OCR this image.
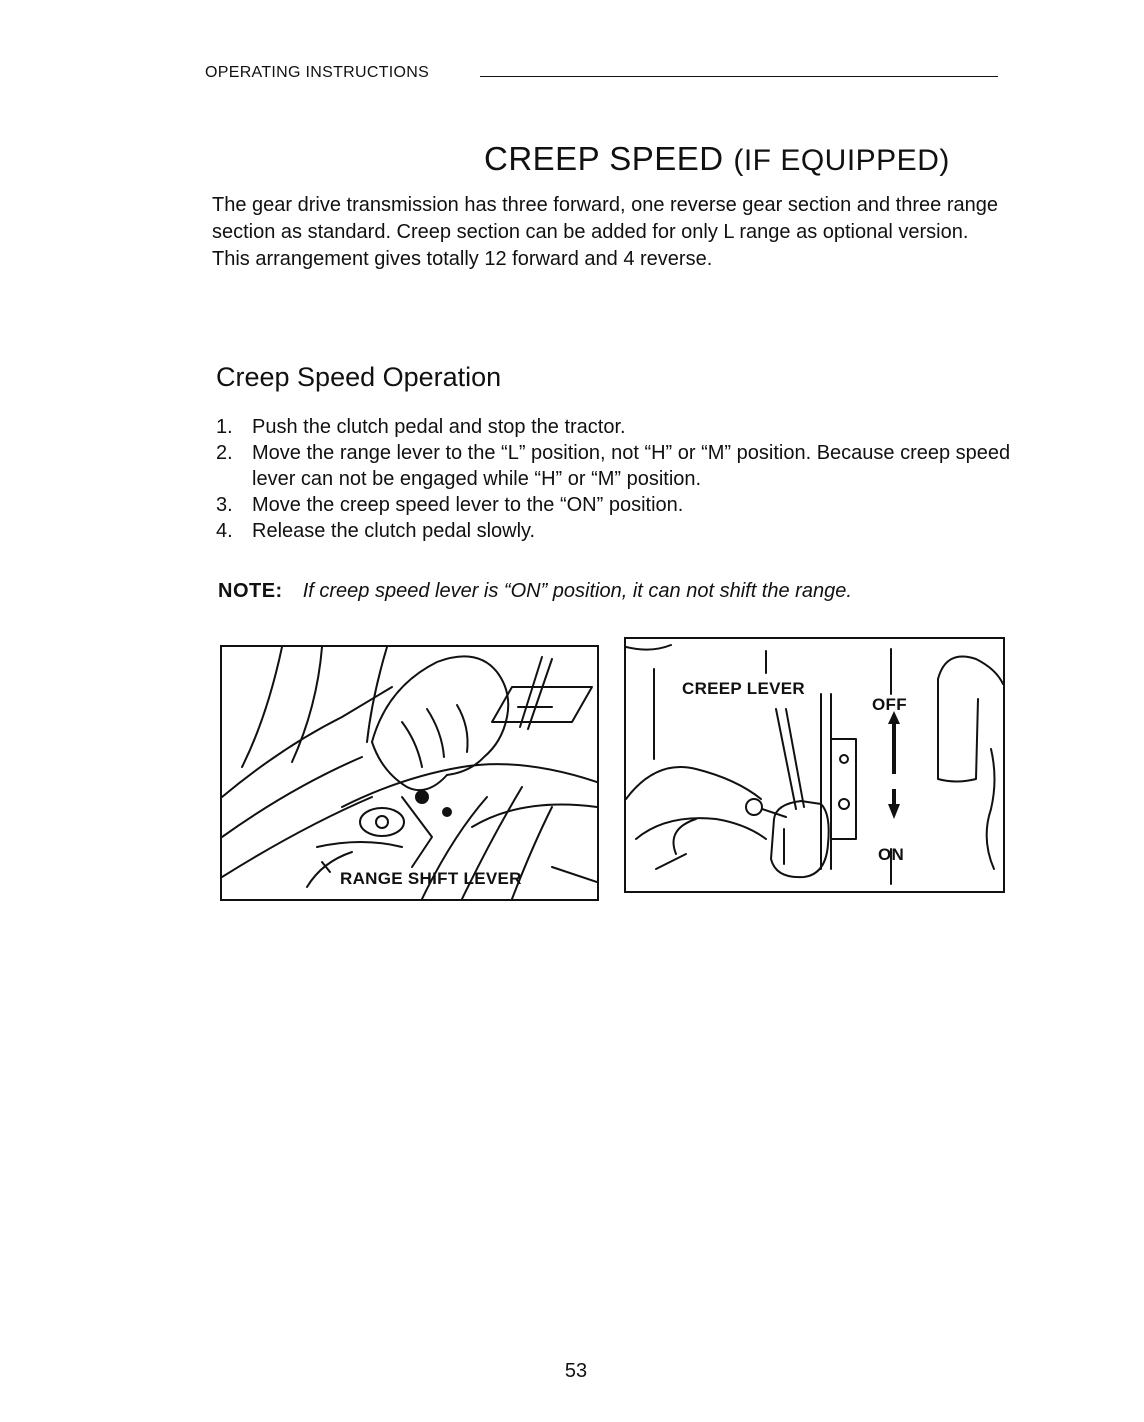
OPERATING INSTRUCTIONS
CREEP SPEED (IF EQUIPPED)

The gear drive transmission has three forward, one reverse gear section and three range section as standard. Creep section can be added for only L range as optional version.

This arrangement gives totally 12 forward and 4 reverse.

Creep Speed Operation
1. Push the clutch pedal and stop the tractor.
2. Move the range lever to the “L” position, not “H” or “M” position. Because creep speed lever can not be engaged while “H” or “M” position.
3. Move the creep speed lever to the “ON” position.
4. Release the clutch pedal slowly.
NOTE: If creep speed lever is “ON” position, it can not shift the range.
RANGE SHIFT LEVER
CREEP LEVER
OFF
ON
53
